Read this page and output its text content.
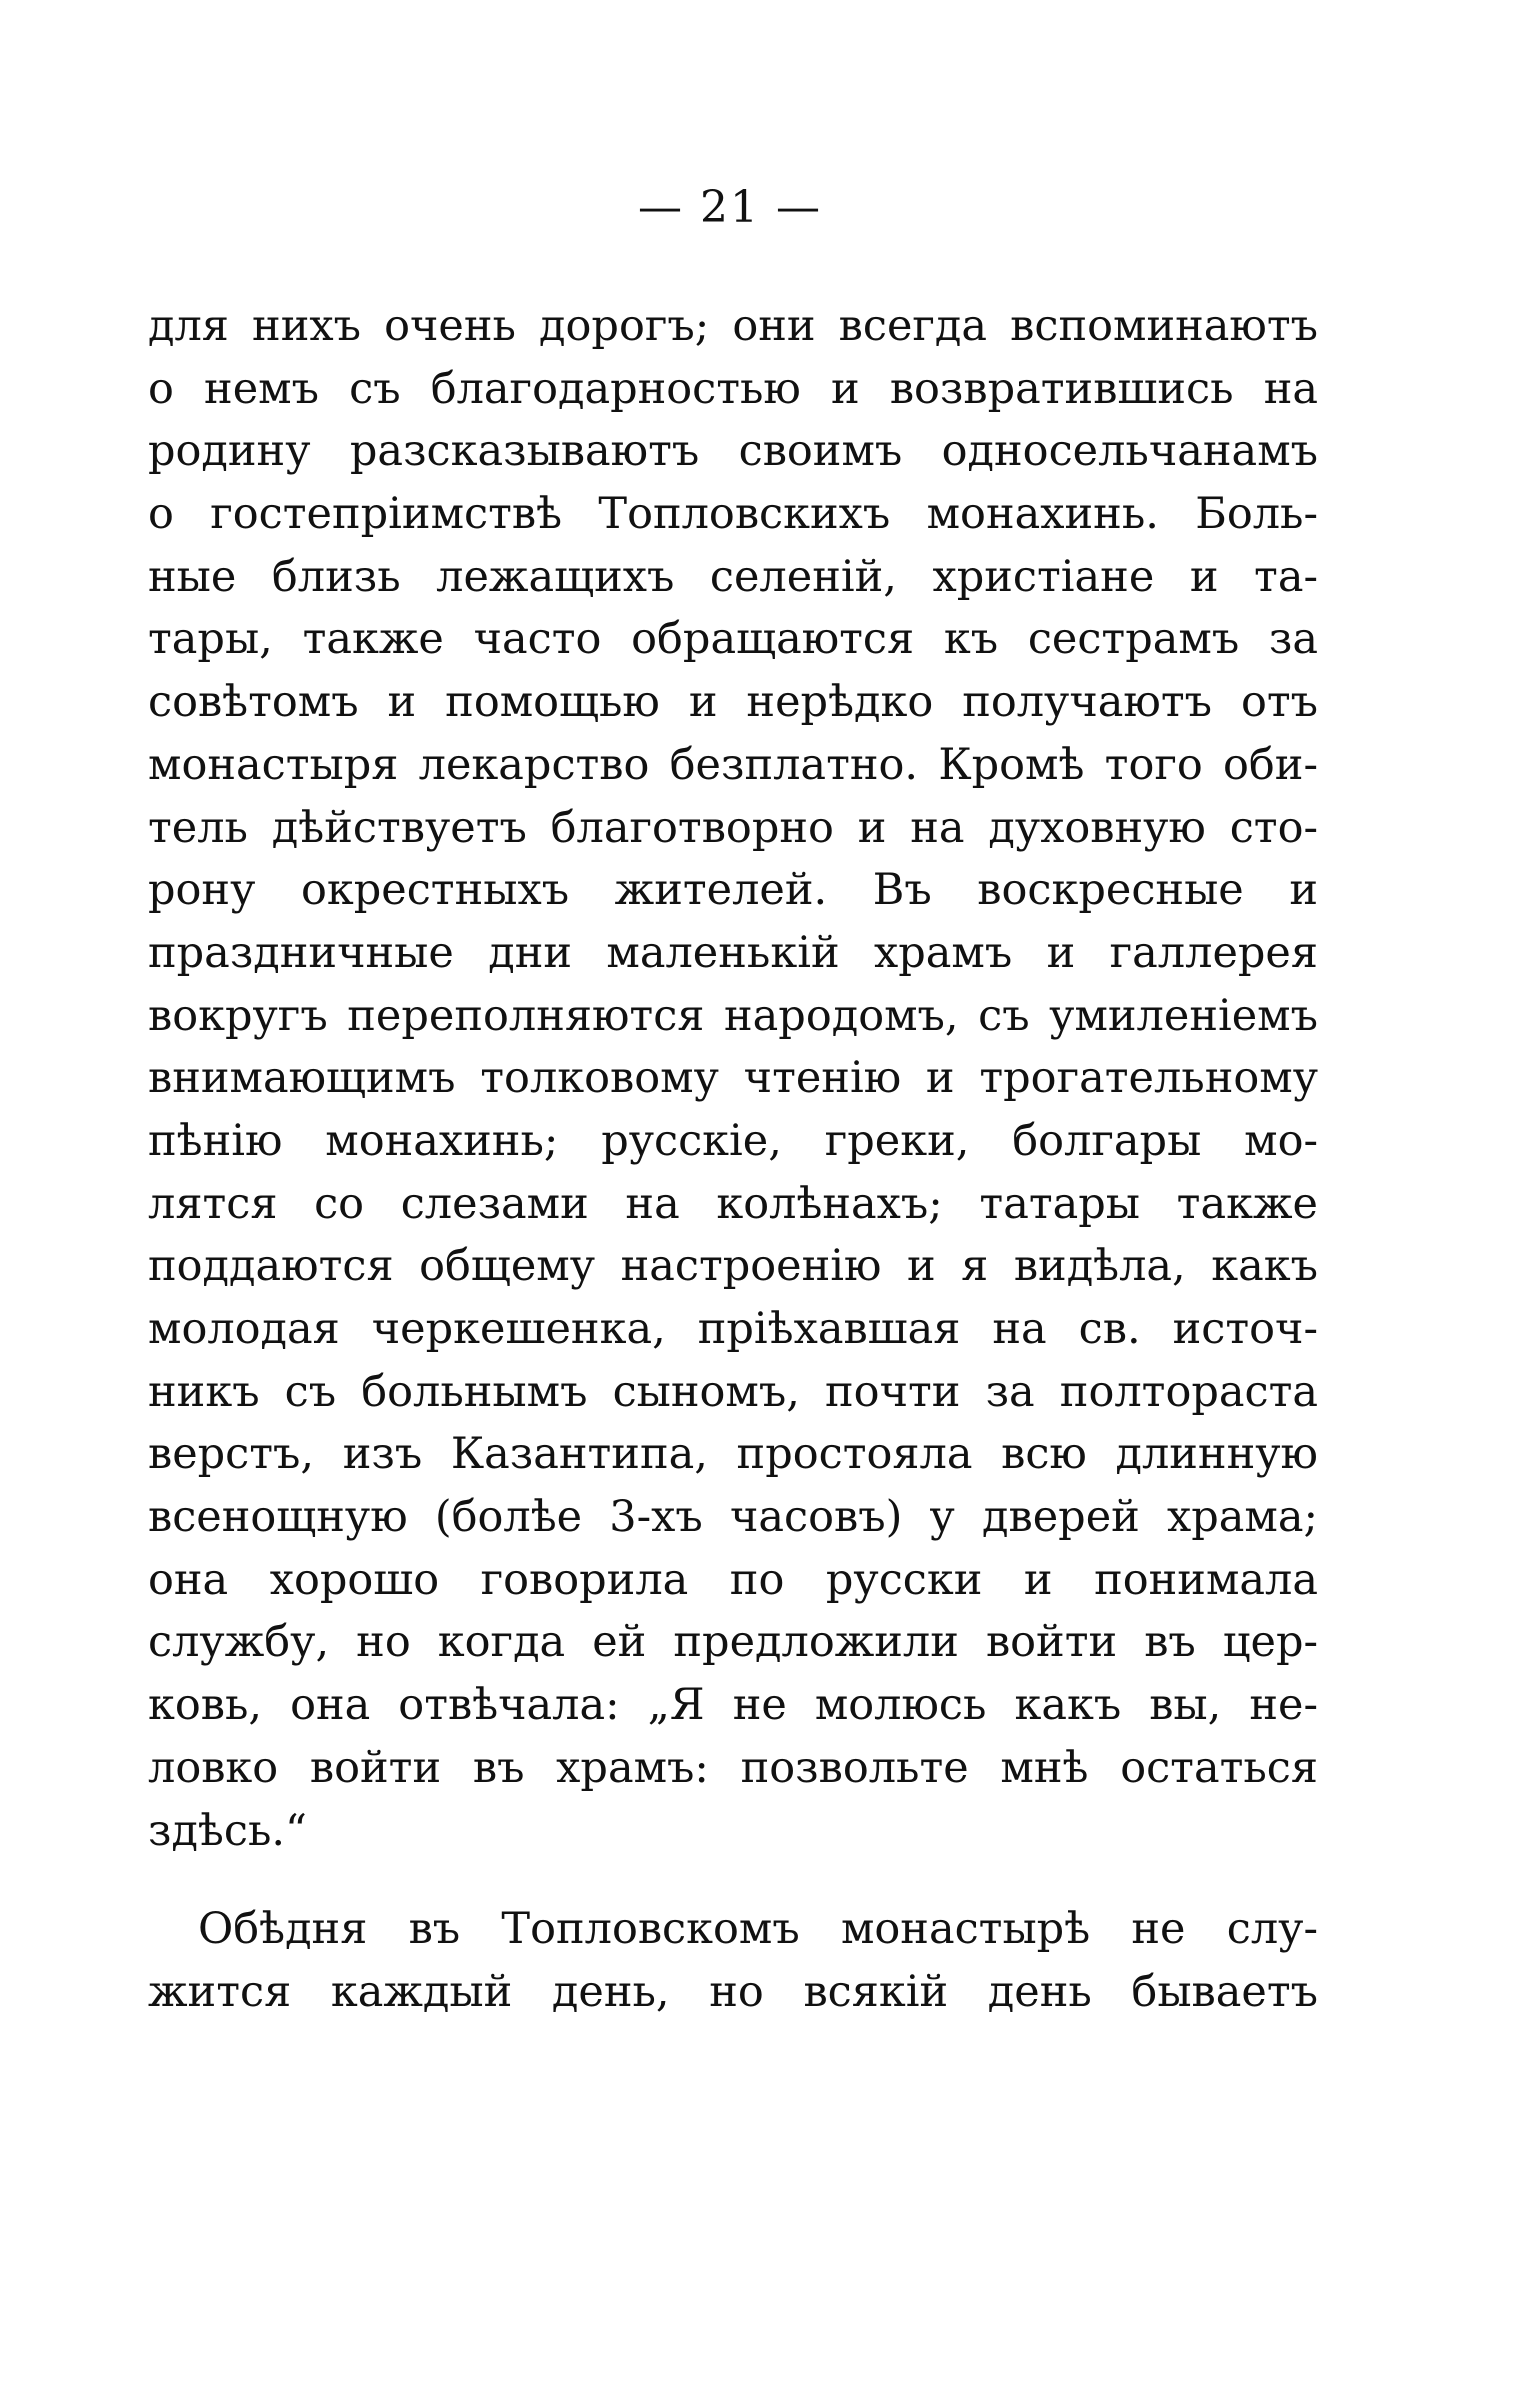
— 21 —
для нихъ очень дорогъ; они всегда вспоминаютъ
о немъ съ благодарностью и возвратившись на
родину разсказываютъ своимъ односельчанамъ
о гостепріимствѣ Топловскихъ монахинь. Боль-
ные близь лежащихъ селеній, христіане и та-
тары, также часто обращаются къ сестрамъ за
совѣтомъ и помощью и нерѣдко получаютъ отъ
монастыря лекарство безплатно. Кромѣ того оби-
тель дѣйствуетъ благотворно и на духовную сто-
рону окрестныхъ жителей. Въ воскресные и
праздничные дни маленькій храмъ и галлерея
вокругъ переполняются народомъ, съ умиленіемъ
внимающимъ толковому чтенію и трогательному
пѣнію монахинь; русскіе, греки, болгары мо-
лятся со слезами на колѣнахъ; татары также
поддаются общему настроенію и я видѣла, какъ
молодая черкешенка, пріѣхавшая на св. источ-
никъ съ больнымъ сыномъ, почти за полтораста
верстъ, изъ Казантипа, простояла всю длинную
всенощную (болѣе 3-хъ часовъ) у дверей храма;
она хорошо говорила по русски и понимала
службу, но когда ей предложили войти въ цер-
ковь, она отвѣчала: „Я не молюсь какъ вы, не-
ловко войти въ храмъ: позвольте мнѣ остаться
здѣсь.“
Обѣдня въ Топловскомъ монастырѣ не слу-
жится каждый день, но всякій день бываетъ
